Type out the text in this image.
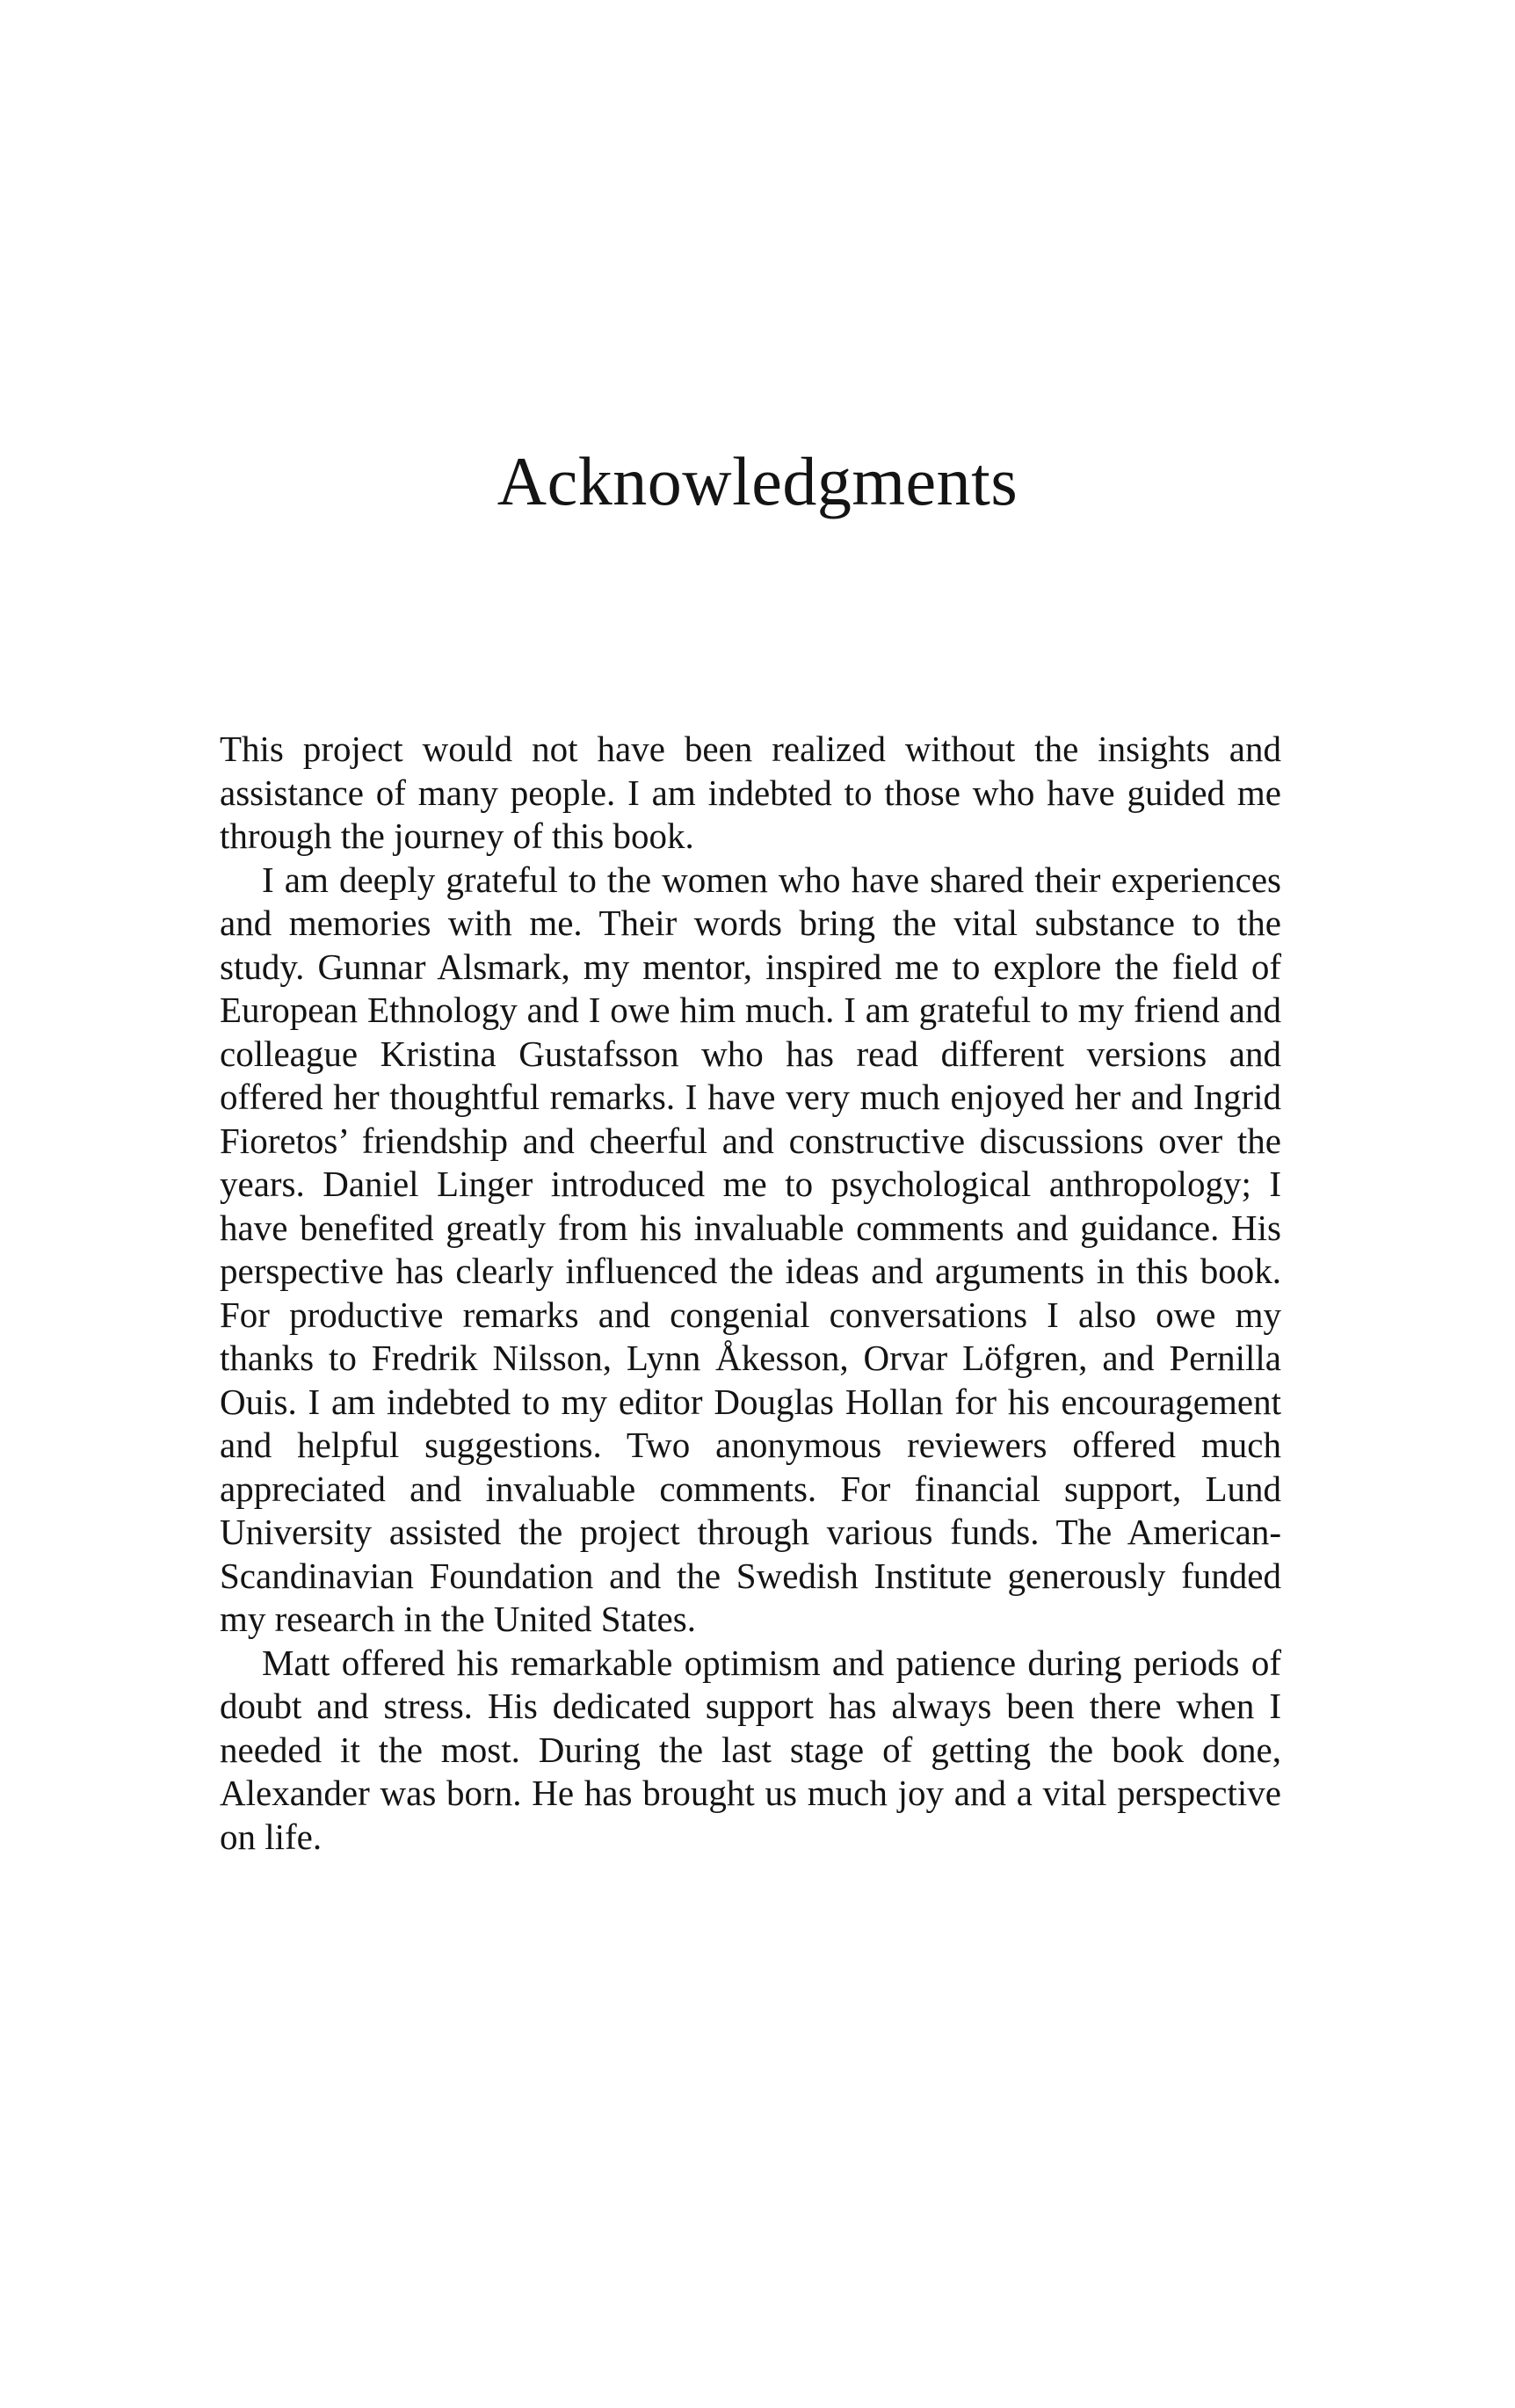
Acknowledgments

This project would not have been realized without the insights and assistance of many people. I am indebted to those who have guided me through the journey of this book.

I am deeply grateful to the women who have shared their experiences and memories with me. Their words bring the vital substance to the study. Gunnar Alsmark, my mentor, inspired me to explore the field of European Ethnology and I owe him much. I am grateful to my friend and colleague Kristina Gustafsson who has read different versions and offered her thoughtful remarks. I have very much enjoyed her and Ingrid Fioretos’ friendship and cheerful and constructive discussions over the years. Daniel Linger introduced me to psychological anthropology; I have benefited greatly from his invaluable comments and guidance. His perspective has clearly influenced the ideas and arguments in this book. For productive remarks and congenial conversations I also owe my thanks to Fredrik Nilsson, Lynn Åkesson, Orvar Löfgren, and Pernilla Ouis. I am indebted to my editor Douglas Hollan for his encouragement and helpful suggestions. Two anonymous reviewers offered much appreciated and invaluable comments. For financial support, Lund University assisted the project through various funds. The American-Scandinavian Foundation and the Swedish Institute generously funded my research in the United States.

Matt offered his remarkable optimism and patience during periods of doubt and stress. His dedicated support has always been there when I needed it the most. During the last stage of getting the book done, Alexander was born. He has brought us much joy and a vital perspective on life.
